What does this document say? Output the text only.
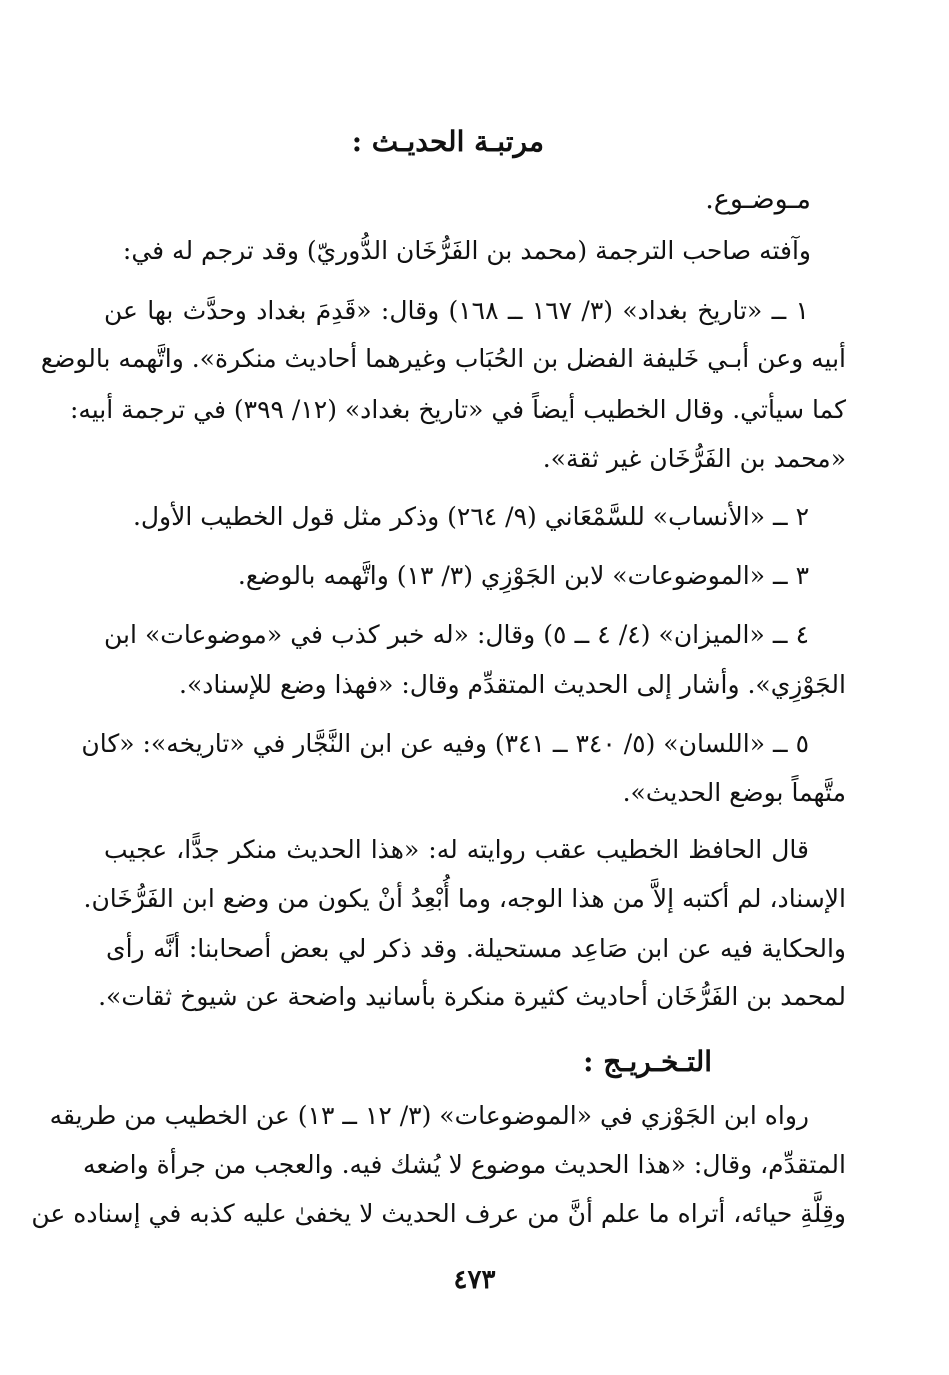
مرتبـة الحديـث :
مـوضـوع.
وآفته صاحب الترجمة (محمد بن الفَرُّخَان الدُّوريّ) وقد ترجم له في:
١ ــ «تاريخ بغداد» (٣/ ١٦٧ ــ ١٦٨) وقال: «قَدِمَ بغداد وحدَّث بها عن
أبيه وعن أبـي خَليفة الفضل بن الحُبَاب وغيرهما أحاديث منكرة». واتَّهمه بالوضع
كما سيأتي. وقال الخطيب أيضاً في «تاريخ بغداد» (١٢/ ٣٩٩) في ترجمة أبيه:
«محمد بن الفَرُّخَان غير ثقة».
٢ ــ «الأنساب» للسَّمْعَاني (٩/ ٢٦٤) وذكر مثل قول الخطيب الأول.
٣ ــ «الموضوعات» لابن الجَوْزِي (٣/ ١٣) واتَّهمه بالوضع.
٤ ــ «الميزان» (٤/ ٤ ــ ٥) وقال: «له خبر كذب في «موضوعات» ابن
الجَوْزِي». وأشار إلى الحديث المتقدِّم وقال: «فهذا وضع للإسناد».
٥ ــ «اللسان» (٥/ ٣٤٠ ــ ٣٤١) وفيه عن ابن النَّجَّار في «تاريخه»: «كان
متَّهماً بوضع الحديث».
قال الحافظ الخطيب عقب روايته له: «هذا الحديث منكر جدًّا، عجيب
الإسناد، لم أكتبه إلاَّ من هذا الوجه، وما أُبْعِدُ أنْ يكون من وضع ابن الفَرُّخَان.
والحكاية فيه عن ابن صَاعِد مستحيلة. وقد ذكر لي بعض أصحابنا: أنَّه رأى
لمحمد بن الفَرُّخَان أحاديث كثيرة منكرة بأسانيد واضحة عن شيوخ ثقات».
التـخـريـج :
رواه ابن الجَوْزي في «الموضوعات» (٣/ ١٢ ــ ١٣) عن الخطيب من طريقه
المتقدِّم، وقال: «هذا الحديث موضوع لا يُشك فيه. والعجب من جرأة واضعه
وقِلَّةِ حيائه، أتراه ما علم أنَّ من عرف الحديث لا يخفىٰ عليه كذبه في إسناده عن
٤٧٣
